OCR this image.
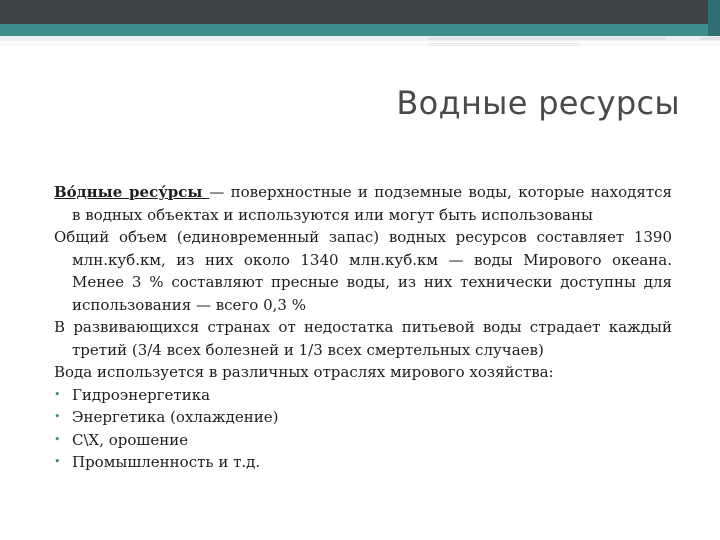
Водные ресурсы

Во́дные ресу́рсы — поверхностные и подземные воды, которые находятся в водных объектах и используются или могут быть использованы

Общий объем (единовременный запас) водных ресурсов составляет 1390 млн.куб.км, из них около 1340 млн.куб.км — воды Мирового океана. Менее 3 % составляют пресные воды, из них технически доступны для использования — всего 0,3 %

В развивающихся странах от недостатка питьевой воды страдает каждый третий (3/4 всех болезней и 1/3 всех смертельных случаев)

Вода используется в различных отраслях мирового хозяйства:

• Гидроэнергетика
• Энергетика (охлаждение)
• С\Х, орошение
• Промышленность и т.д.
